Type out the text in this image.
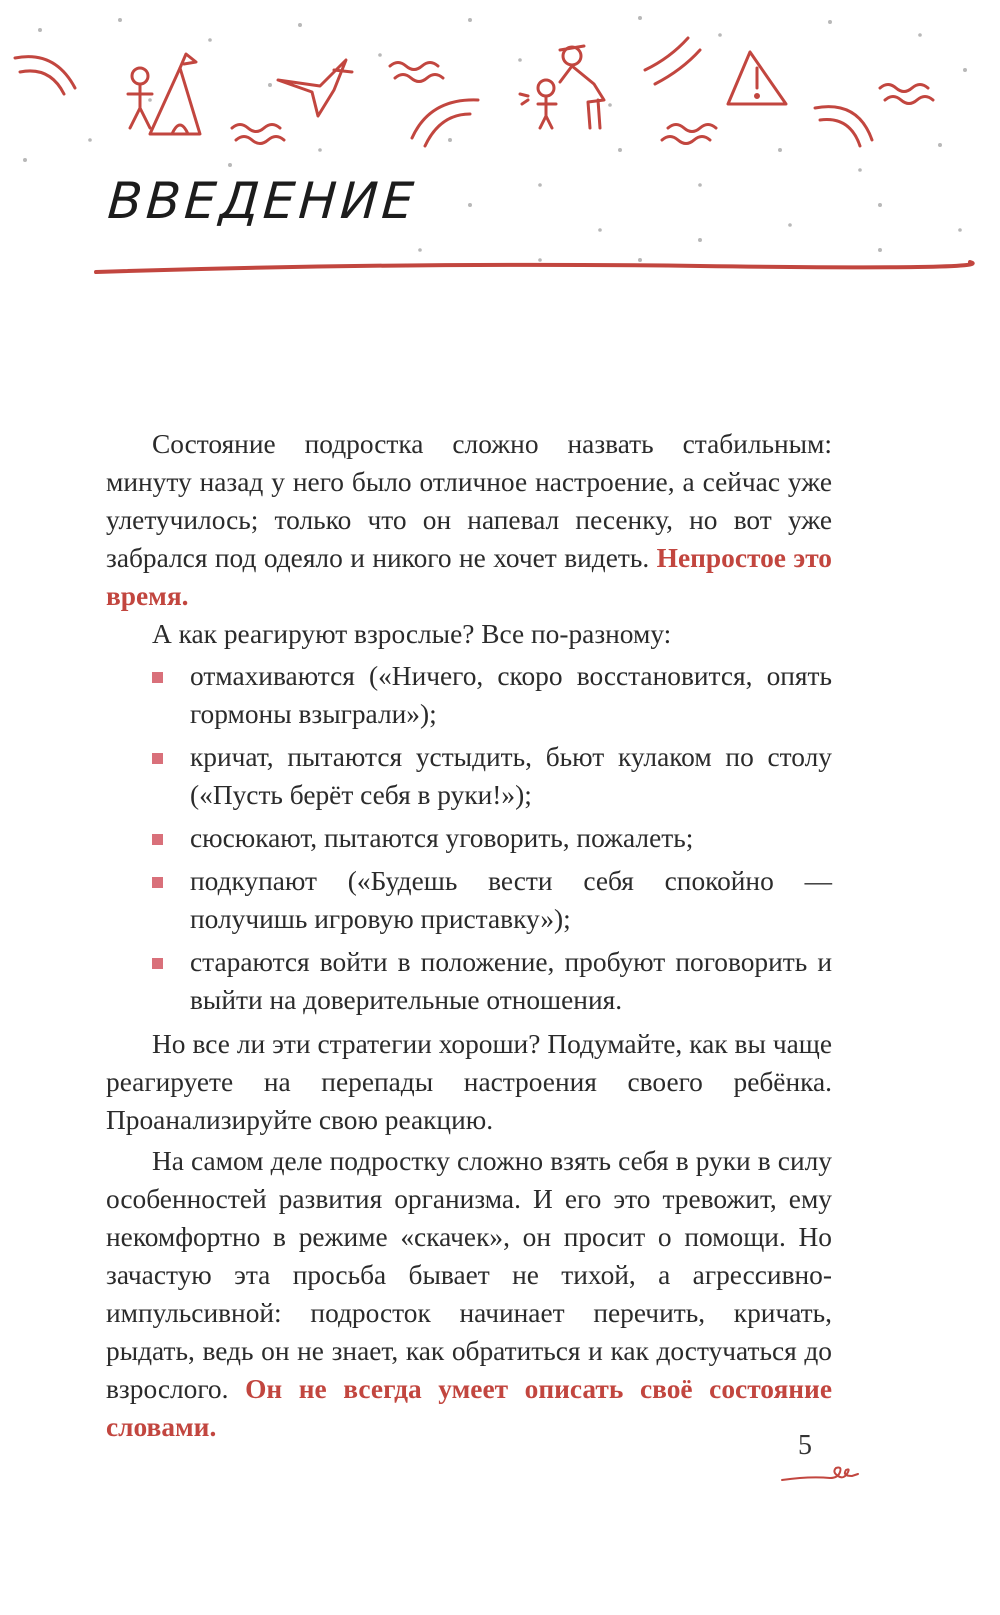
ВВЕДЕНИЕ

Состояние подростка сложно назвать стабильным: минуту назад у него было отличное настроение, а сейчас уже улетучилось; только что он напевал песенку, но вот уже забрался под одеяло и никого не хочет видеть. Непростое это время.

А как реагируют взрослые? Все по-разному:

отмахиваются («Ничего, скоро восстановится, опять гормоны взыграли»);
кричат, пытаются устыдить, бьют кулаком по столу («Пусть берёт себя в руки!»);
сюсюкают, пытаются уговорить, пожалеть;
подкупают («Будешь вести себя спокойно — получишь игровую приставку»);
стараются войти в положение, пробуют поговорить и выйти на доверительные отношения.

Но все ли эти стратегии хороши? Подумайте, как вы чаще реагируете на перепады настроения своего ребёнка. Проанализируйте свою реакцию.

На самом деле подростку сложно взять себя в руки в силу особенностей развития организма. И его это тревожит, ему некомфортно в режиме «скачек», он просит о помощи. Но зачастую эта просьба бывает не тихой, а агрессивно-импульсивной: подросток начинает перечить, кричать, рыдать, ведь он не знает, как обратиться и как достучаться до взрослого. Он не всегда умеет описать своё состояние словами.

5
